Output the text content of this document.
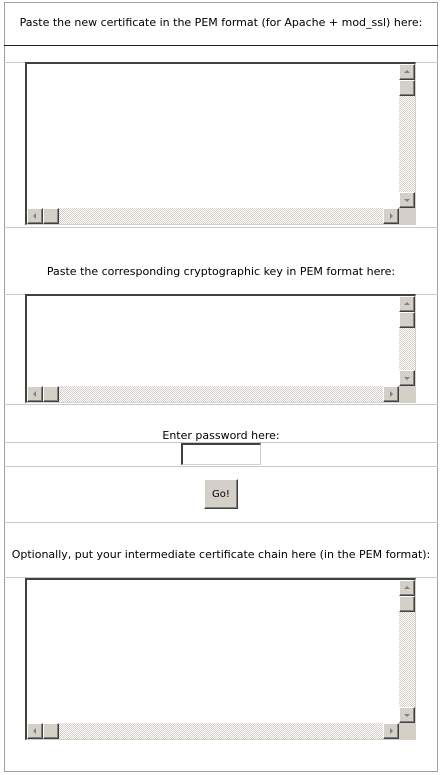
Paste the new certificate in the PEM format (for Apache + mod_ssl) here:
Paste the corresponding cryptographic key in PEM format here:
Enter password here:
Go!
Optionally, put your intermediate certificate chain here (in the PEM format):
